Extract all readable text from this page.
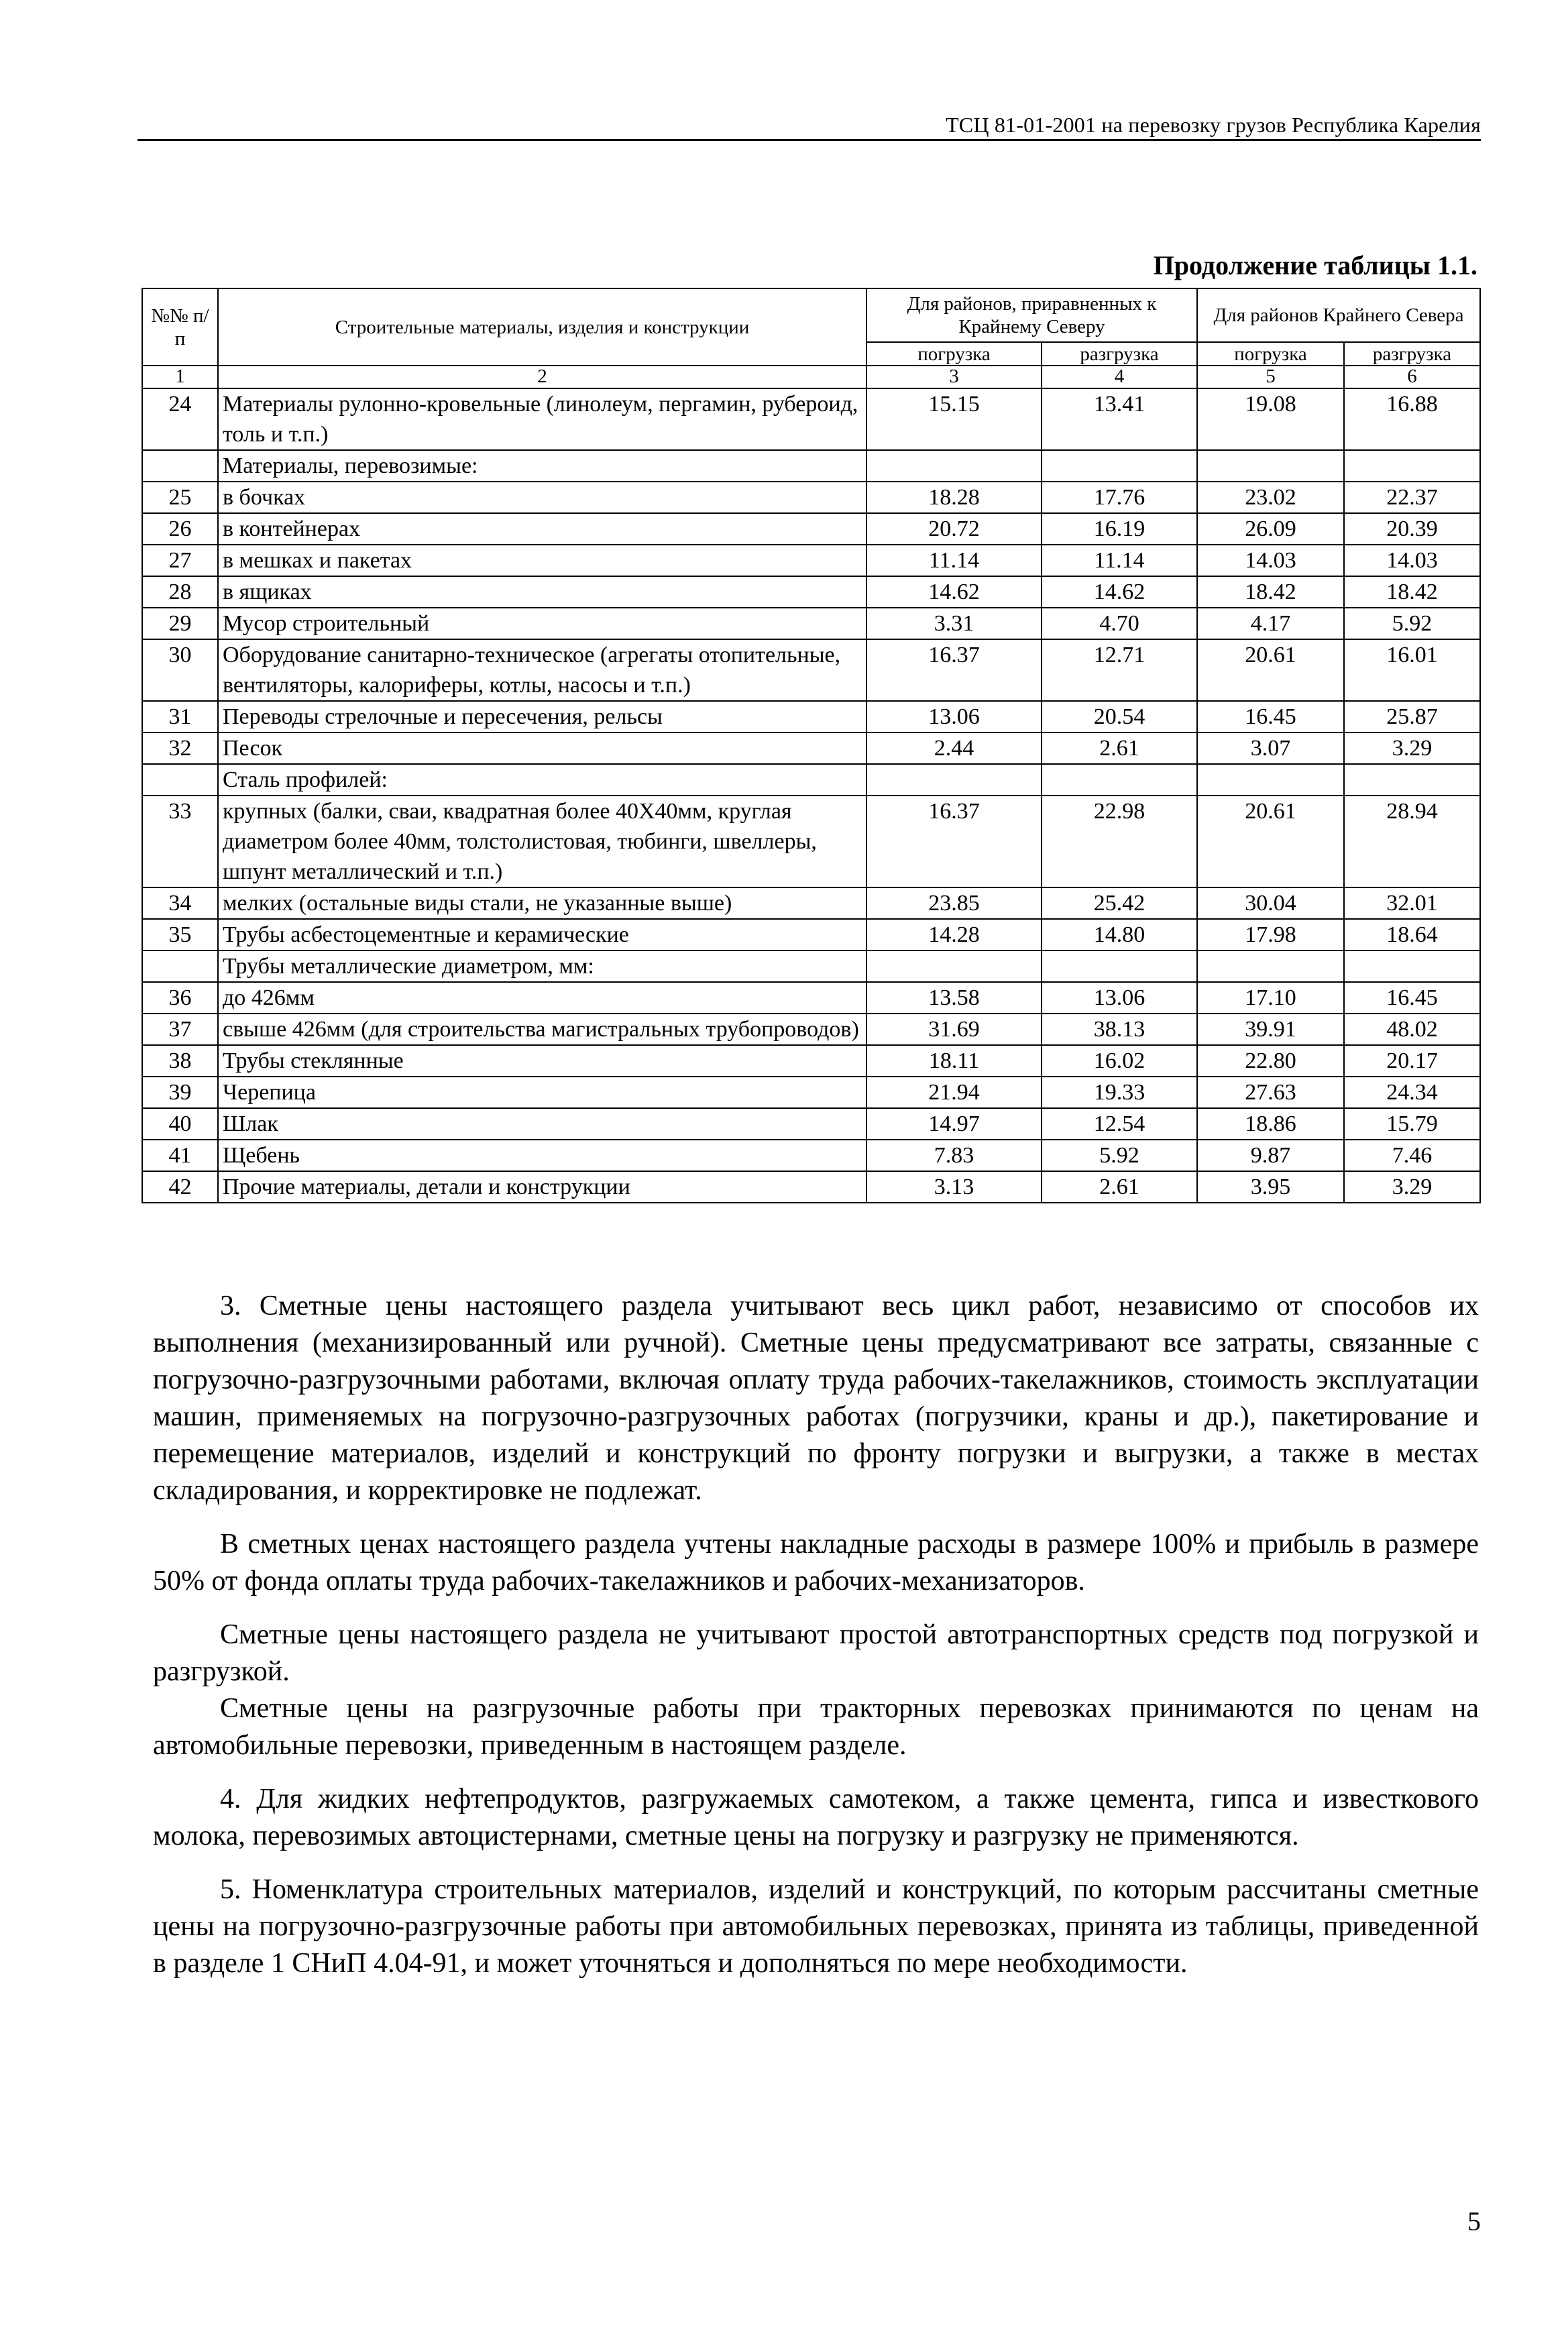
ТСЦ 81-01-2001 на перевозку грузов Республика Карелия
Продолжение таблицы 1.1.
№№ п/п	Строительные материалы, изделия и конструкции	Для районов, приравненных к Крайнему Северу		Для районов Крайнего Севера	
		погрузка	разгрузка	погрузка	разгрузка
1	2	3	4	5	6
24	Материалы рулонно-кровельные (линолеум, пергамин, рубероид, толь и т.п.)	15.15	13.41	19.08	16.88
	Материалы, перевозимые:				
25	в бочках	18.28	17.76	23.02	22.37
26	в контейнерах	20.72	16.19	26.09	20.39
27	в мешках и пакетах	11.14	11.14	14.03	14.03
28	в ящиках	14.62	14.62	18.42	18.42
29	Мусор строительный	3.31	4.70	4.17	5.92
30	Оборудование санитарно-техническое (агрегаты отопительные, вентиляторы, калориферы, котлы, насосы и т.п.)	16.37	12.71	20.61	16.01
31	Переводы стрелочные и пересечения, рельсы	13.06	20.54	16.45	25.87
32	Песок	2.44	2.61	3.07	3.29
	Сталь профилей:				
33	крупных (балки, сваи, квадратная более 40Х40мм, круглая диаметром более 40мм, толстолистовая, тюбинги, швеллеры, шпунт металлический и т.п.)	16.37	22.98	20.61	28.94
34	мелких (остальные виды стали, не указанные выше)	23.85	25.42	30.04	32.01
35	Трубы асбестоцементные и керамические	14.28	14.80	17.98	18.64
	Трубы металлические диаметром, мм:				
36	до 426мм	13.58	13.06	17.10	16.45
37	свыше 426мм (для строительства магистральных трубопроводов)	31.69	38.13	39.91	48.02
38	Трубы стеклянные	18.11	16.02	22.80	20.17
39	Черепица	21.94	19.33	27.63	24.34
40	Шлак	14.97	12.54	18.86	15.79
41	Щебень	7.83	5.92	9.87	7.46
42	Прочие материалы, детали и конструкции	3.13	2.61	3.95	3.29

3. Сметные цены настоящего раздела учитывают весь цикл работ, независимо от способов их выполнения (механизированный или ручной). Сметные цены предусматривают все затраты, связанные с погрузочно-разгрузочными работами, включая оплату труда рабочих-такелажников, стоимость эксплуатации машин, применяемых на погрузочно-разгрузочных работах (погрузчики, краны и др.), пакетирование и перемещение материалов, изделий и конструкций по фронту погрузки и выгрузки, а также в местах складирования, и корректировке не подлежат.

В сметных ценах настоящего раздела учтены накладные расходы в размере 100% и прибыль в размере 50% от фонда оплаты труда рабочих-такелажников и рабочих-механизаторов.

Сметные цены настоящего раздела не учитывают простой автотранспортных средств под погрузкой и разгрузкой.

Сметные цены на разгрузочные работы при тракторных перевозках принимаются по ценам на автомобильные перевозки, приведенным в настоящем разделе.

4. Для жидких нефтепродуктов, разгружаемых самотеком, а также цемента, гипса и известкового молока, перевозимых автоцистернами, сметные цены на погрузку и разгрузку не применяются.

5. Номенклатура строительных материалов, изделий и конструкций, по которым рассчитаны сметные цены на погрузочно-разгрузочные работы при автомобильных перевозках, принята из таблицы, приведенной в разделе 1 СНиП 4.04-91, и может уточняться и дополняться по мере необходимости.

5
